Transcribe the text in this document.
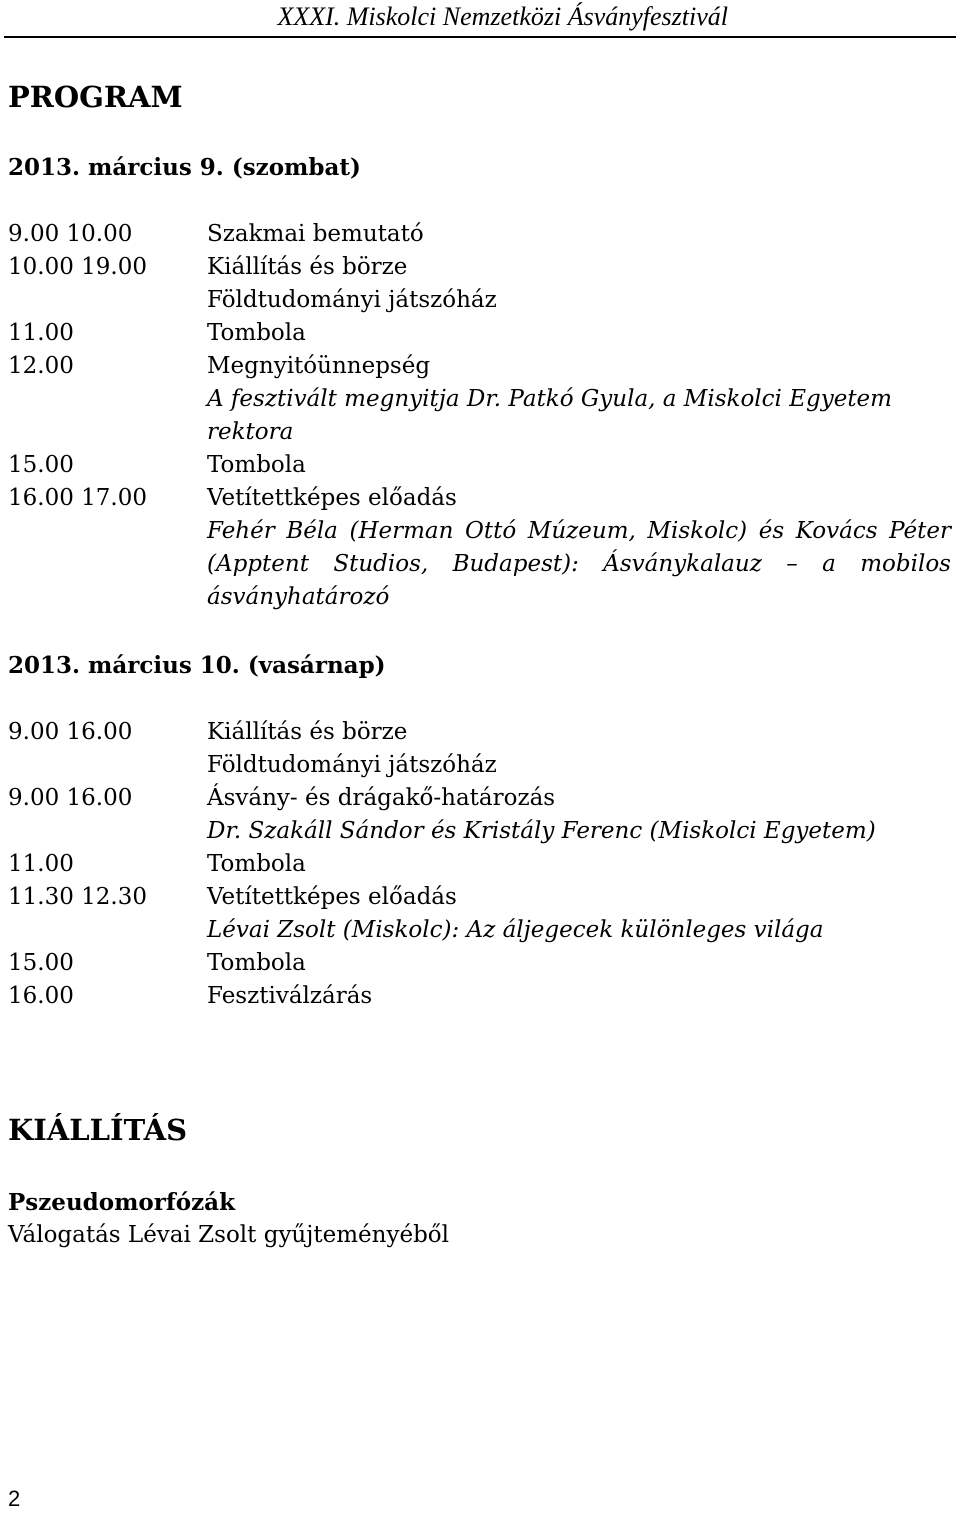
XXXI. Miskolci Nemzetközi Ásványfesztivál
PROGRAM
2013. március 9. (szombat)
9.00 10.00	Szakmai bemutató
10.00 19.00	Kiállítás és börze
Földtudományi játszóház
11.00	Tombola
12.00	Megnyitóünnepség
A fesztivált megnyitja Dr. Patkó Gyula, a Miskolci Egyetem
rektora
15.00	Tombola
16.00 17.00	Vetítettképes előadás
Fehér Béla (Herman Ottó Múzeum, Miskolc) és Kovács Péter
(Apptent Studios, Budapest): Ásványkalauz – a mobilos
ásványhatározó
2013. március 10. (vasárnap)
9.00 16.00	Kiállítás és börze
Földtudományi játszóház
9.00 16.00	Ásvány- és drágakő-határozás
Dr. Szakáll Sándor és Kristály Ferenc (Miskolci Egyetem)
11.00	Tombola
11.30 12.30	Vetítettképes előadás
Lévai Zsolt (Miskolc): Az áljegecek különleges világa
15.00	Tombola
16.00	Fesztiválzárás
KIÁLLÍTÁS
Pszeudomorfózák
Válogatás Lévai Zsolt gyűjteményéből
2
